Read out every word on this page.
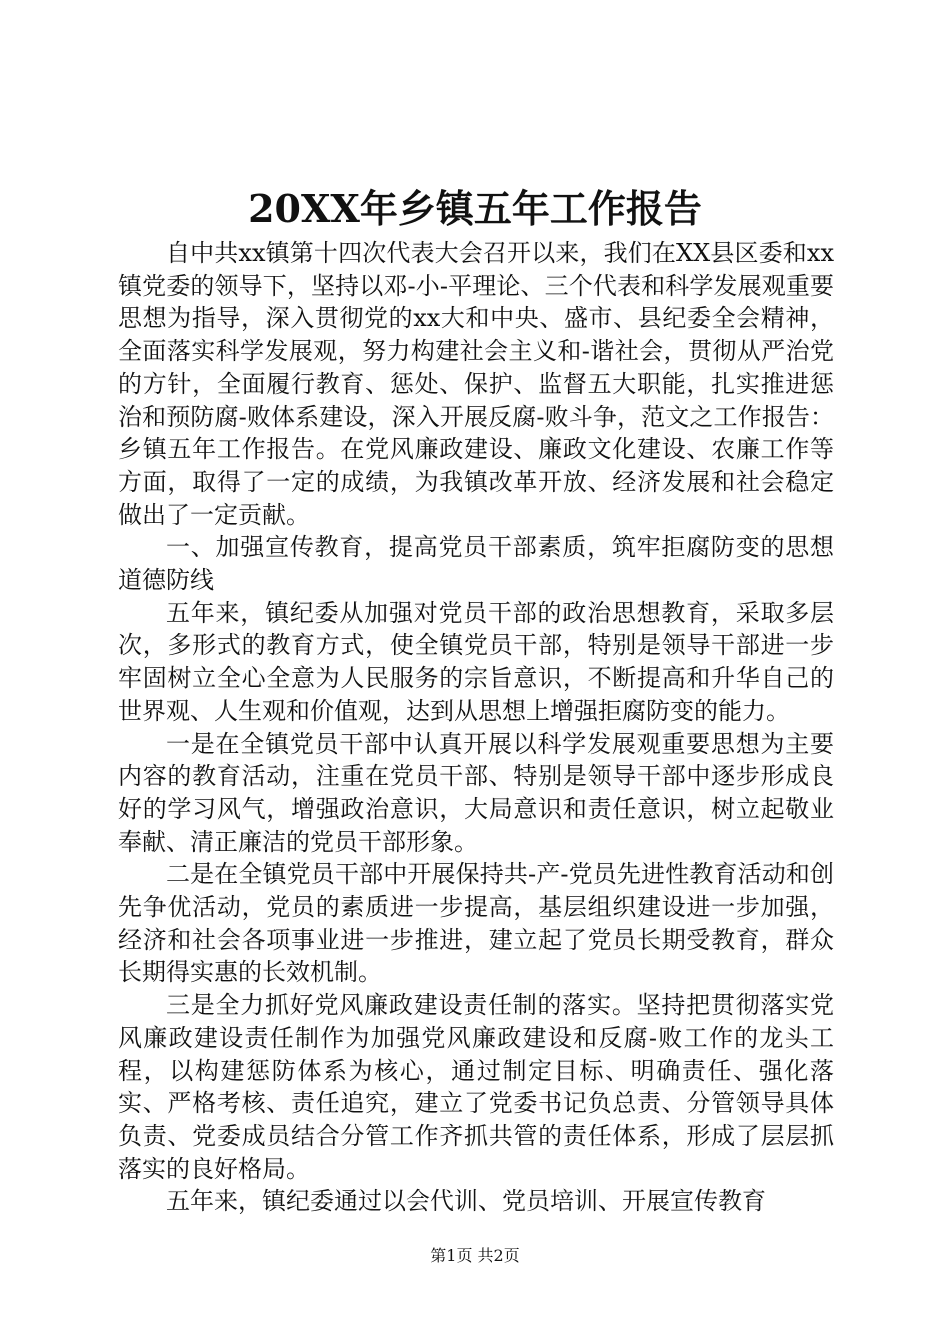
20XX年乡镇五年工作报告

自中共xx镇第十四次代表大会召开以来，我们在XX县区委和xx镇党委的领导下，坚持以邓-小-平理论、三个代表和科学发展观重要思想为指导，深入贯彻党的xx大和中央、盛市、县纪委全会精神，全面落实科学发展观，努力构建社会主义和-谐社会，贯彻从严治党的方针，全面履行教育、惩处、保护、监督五大职能，扎实推进惩治和预防腐-败体系建设，深入开展反腐-败斗争，范文之工作报告：乡镇五年工作报告。在党风廉政建设、廉政文化建设、农廉工作等方面，取得了一定的成绩，为我镇改革开放、经济发展和社会稳定做出了一定贡献。

一、加强宣传教育，提高党员干部素质，筑牢拒腐防变的思想道德防线

五年来，镇纪委从加强对党员干部的政治思想教育，采取多层次，多形式的教育方式，使全镇党员干部，特别是领导干部进一步牢固树立全心全意为人民服务的宗旨意识，不断提高和升华自己的世界观、人生观和价值观，达到从思想上增强拒腐防变的能力。

一是在全镇党员干部中认真开展以科学发展观重要思想为主要内容的教育活动，注重在党员干部、特别是领导干部中逐步形成良好的学习风气，增强政治意识，大局意识和责任意识，树立起敬业奉献、清正廉洁的党员干部形象。

二是在全镇党员干部中开展保持共-产-党员先进性教育活动和创先争优活动，党员的素质进一步提高，基层组织建设进一步加强，经济和社会各项事业进一步推进，建立起了党员长期受教育，群众长期得实惠的长效机制。

三是全力抓好党风廉政建设责任制的落实。坚持把贯彻落实党风廉政建设责任制作为加强党风廉政建设和反腐-败工作的龙头工程，以构建惩防体系为核心，通过制定目标、明确责任、强化落实、严格考核、责任追究，建立了党委书记负总责、分管领导具体负责、党委成员结合分管工作齐抓共管的责任体系，形成了层层抓落实的良好格局。

五年来，镇纪委通过以会代训、党员培训、开展宣传教育

第1页 共2页
